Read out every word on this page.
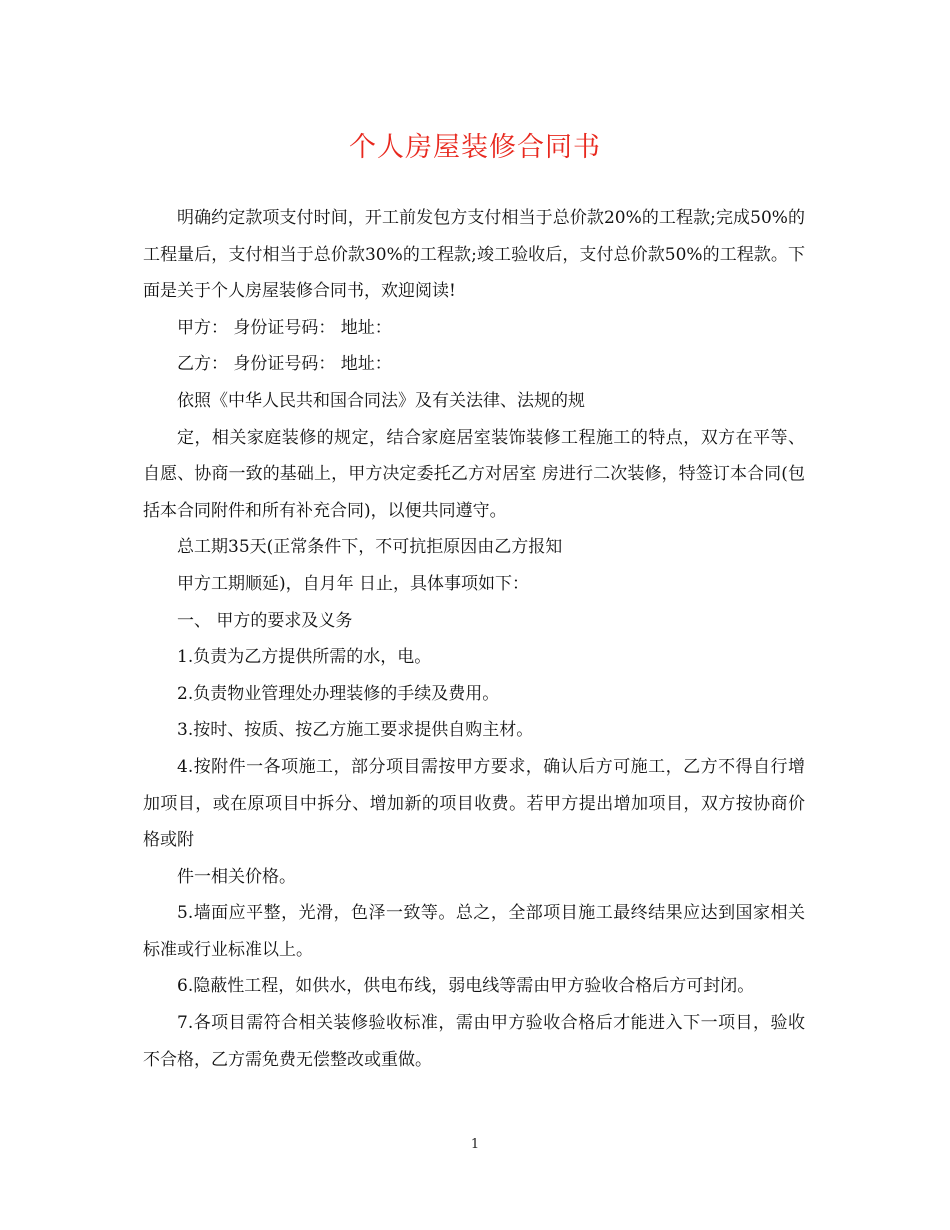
个人房屋装修合同书

明确约定款项支付时间，开工前发包方支付相当于总价款20%的工程款;完成50%的工程量后，支付相当于总价款30%的工程款;竣工验收后，支付总价款50%的工程款。下面是关于个人房屋装修合同书，欢迎阅读!

甲方： 身份证号码： 地址：

乙方： 身份证号码： 地址：

依照《中华人民共和国合同法》及有关法律、法规的规

定，相关家庭装修的规定，结合家庭居室装饰装修工程施工的特点，双方在平等、自愿、协商一致的基础上，甲方决定委托乙方对居室 房进行二次装修，特签订本合同(包括本合同附件和所有补充合同)，以便共同遵守。

总工期35天(正常条件下，不可抗拒原因由乙方报知

甲方工期顺延)，自月年 日止，具体事项如下：

一、 甲方的要求及义务

1.负责为乙方提供所需的水，电。

2.负责物业管理处办理装修的手续及费用。

3.按时、按质、按乙方施工要求提供自购主材。

4.按附件一各项施工，部分项目需按甲方要求，确认后方可施工，乙方不得自行增加项目，或在原项目中拆分、增加新的项目收费。若甲方提出增加项目，双方按协商价格或附

件一相关价格。

5.墙面应平整，光滑，色泽一致等。总之，全部项目施工最终结果应达到国家相关标准或行业标准以上。

6.隐蔽性工程，如供水，供电布线，弱电线等需由甲方验收合格后方可封闭。

7.各项目需符合相关装修验收标准，需由甲方验收合格后才能进入下一项目，验收不合格，乙方需免费无偿整改或重做。

1
